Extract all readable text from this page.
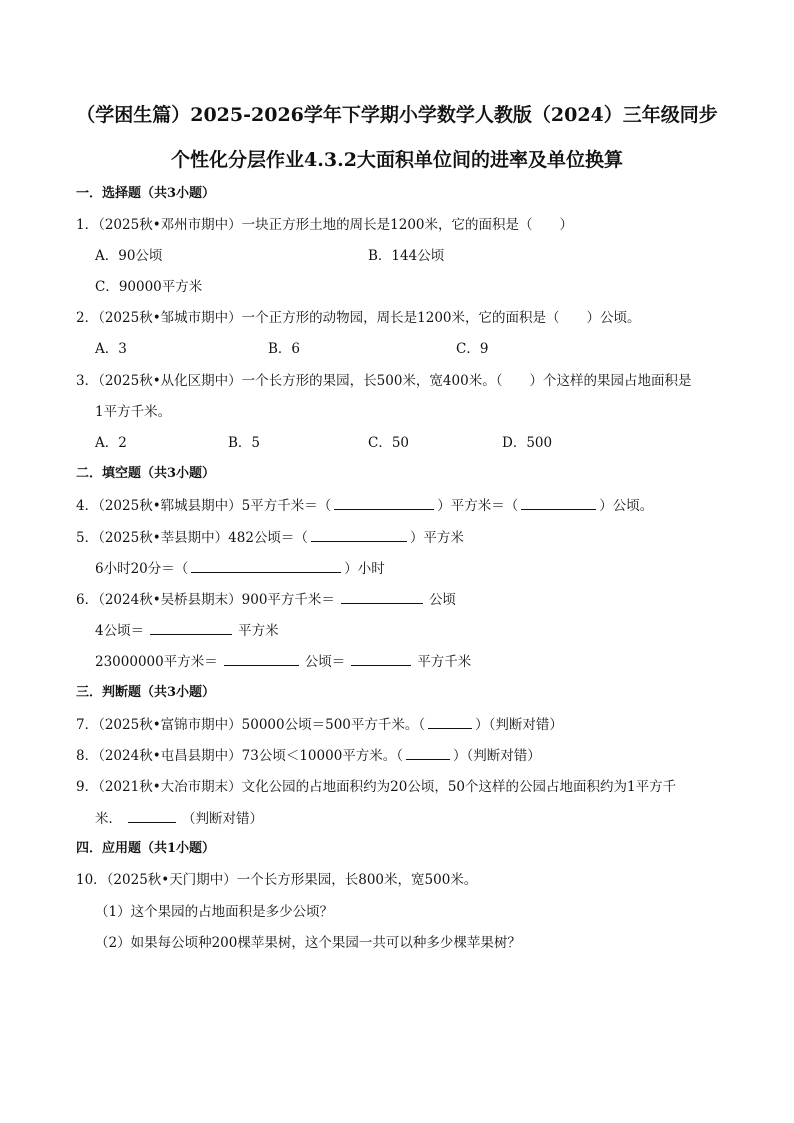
（学困生篇）2025-2026学年下学期小学数学人教版（2024）三年级同步
个性化分层作业4.3.2大面积单位间的进率及单位换算
一．选择题（共3小题）
1．（2025秋•邓州市期中）一块正方形土地的周长是1200米，它的面积是（　　）
A．90公顷	B．144公顷
C．90000平方米
2．（2025秋•邹城市期中）一个正方形的动物园，周长是1200米，它的面积是（　　）公顷。
A．3	B．6	C．9
3．（2025秋•从化区期中）一个长方形的果园，长500米，宽400米。（　　）个这样的果园占地面积是
1平方千米。
A．2	B．5	C．50	D．500
二．填空题（共3小题）
4．（2025秋•郓城县期中）5平方千米＝（	）平方米＝（	）公顷。
5．（2025秋•莘县期中）482公顷＝（	）平方米
6小时20分＝（	）小时
6．（2024秋•吴桥县期末）900平方千米＝	公顷
4公顷＝	平方米
23000000平方米＝	公顷＝	平方千米
三．判断题（共3小题）
7．（2025秋•富锦市期中）50000公顷＝500平方千米。（	）（判断对错）
8．（2024秋•屯昌县期中）73公顷＜10000平方米。（	）（判断对错）
9．（2021秋•大冶市期末）文化公园的占地面积约为20公顷，50个这样的公园占地面积约为1平方千
米．	（判断对错）
四．应用题（共1小题）
10．（2025秋•天门期中）一个长方形果园，长800米，宽500米。
（1）这个果园的占地面积是多少公顷？
（2）如果每公顷种200棵苹果树，这个果园一共可以种多少棵苹果树？
